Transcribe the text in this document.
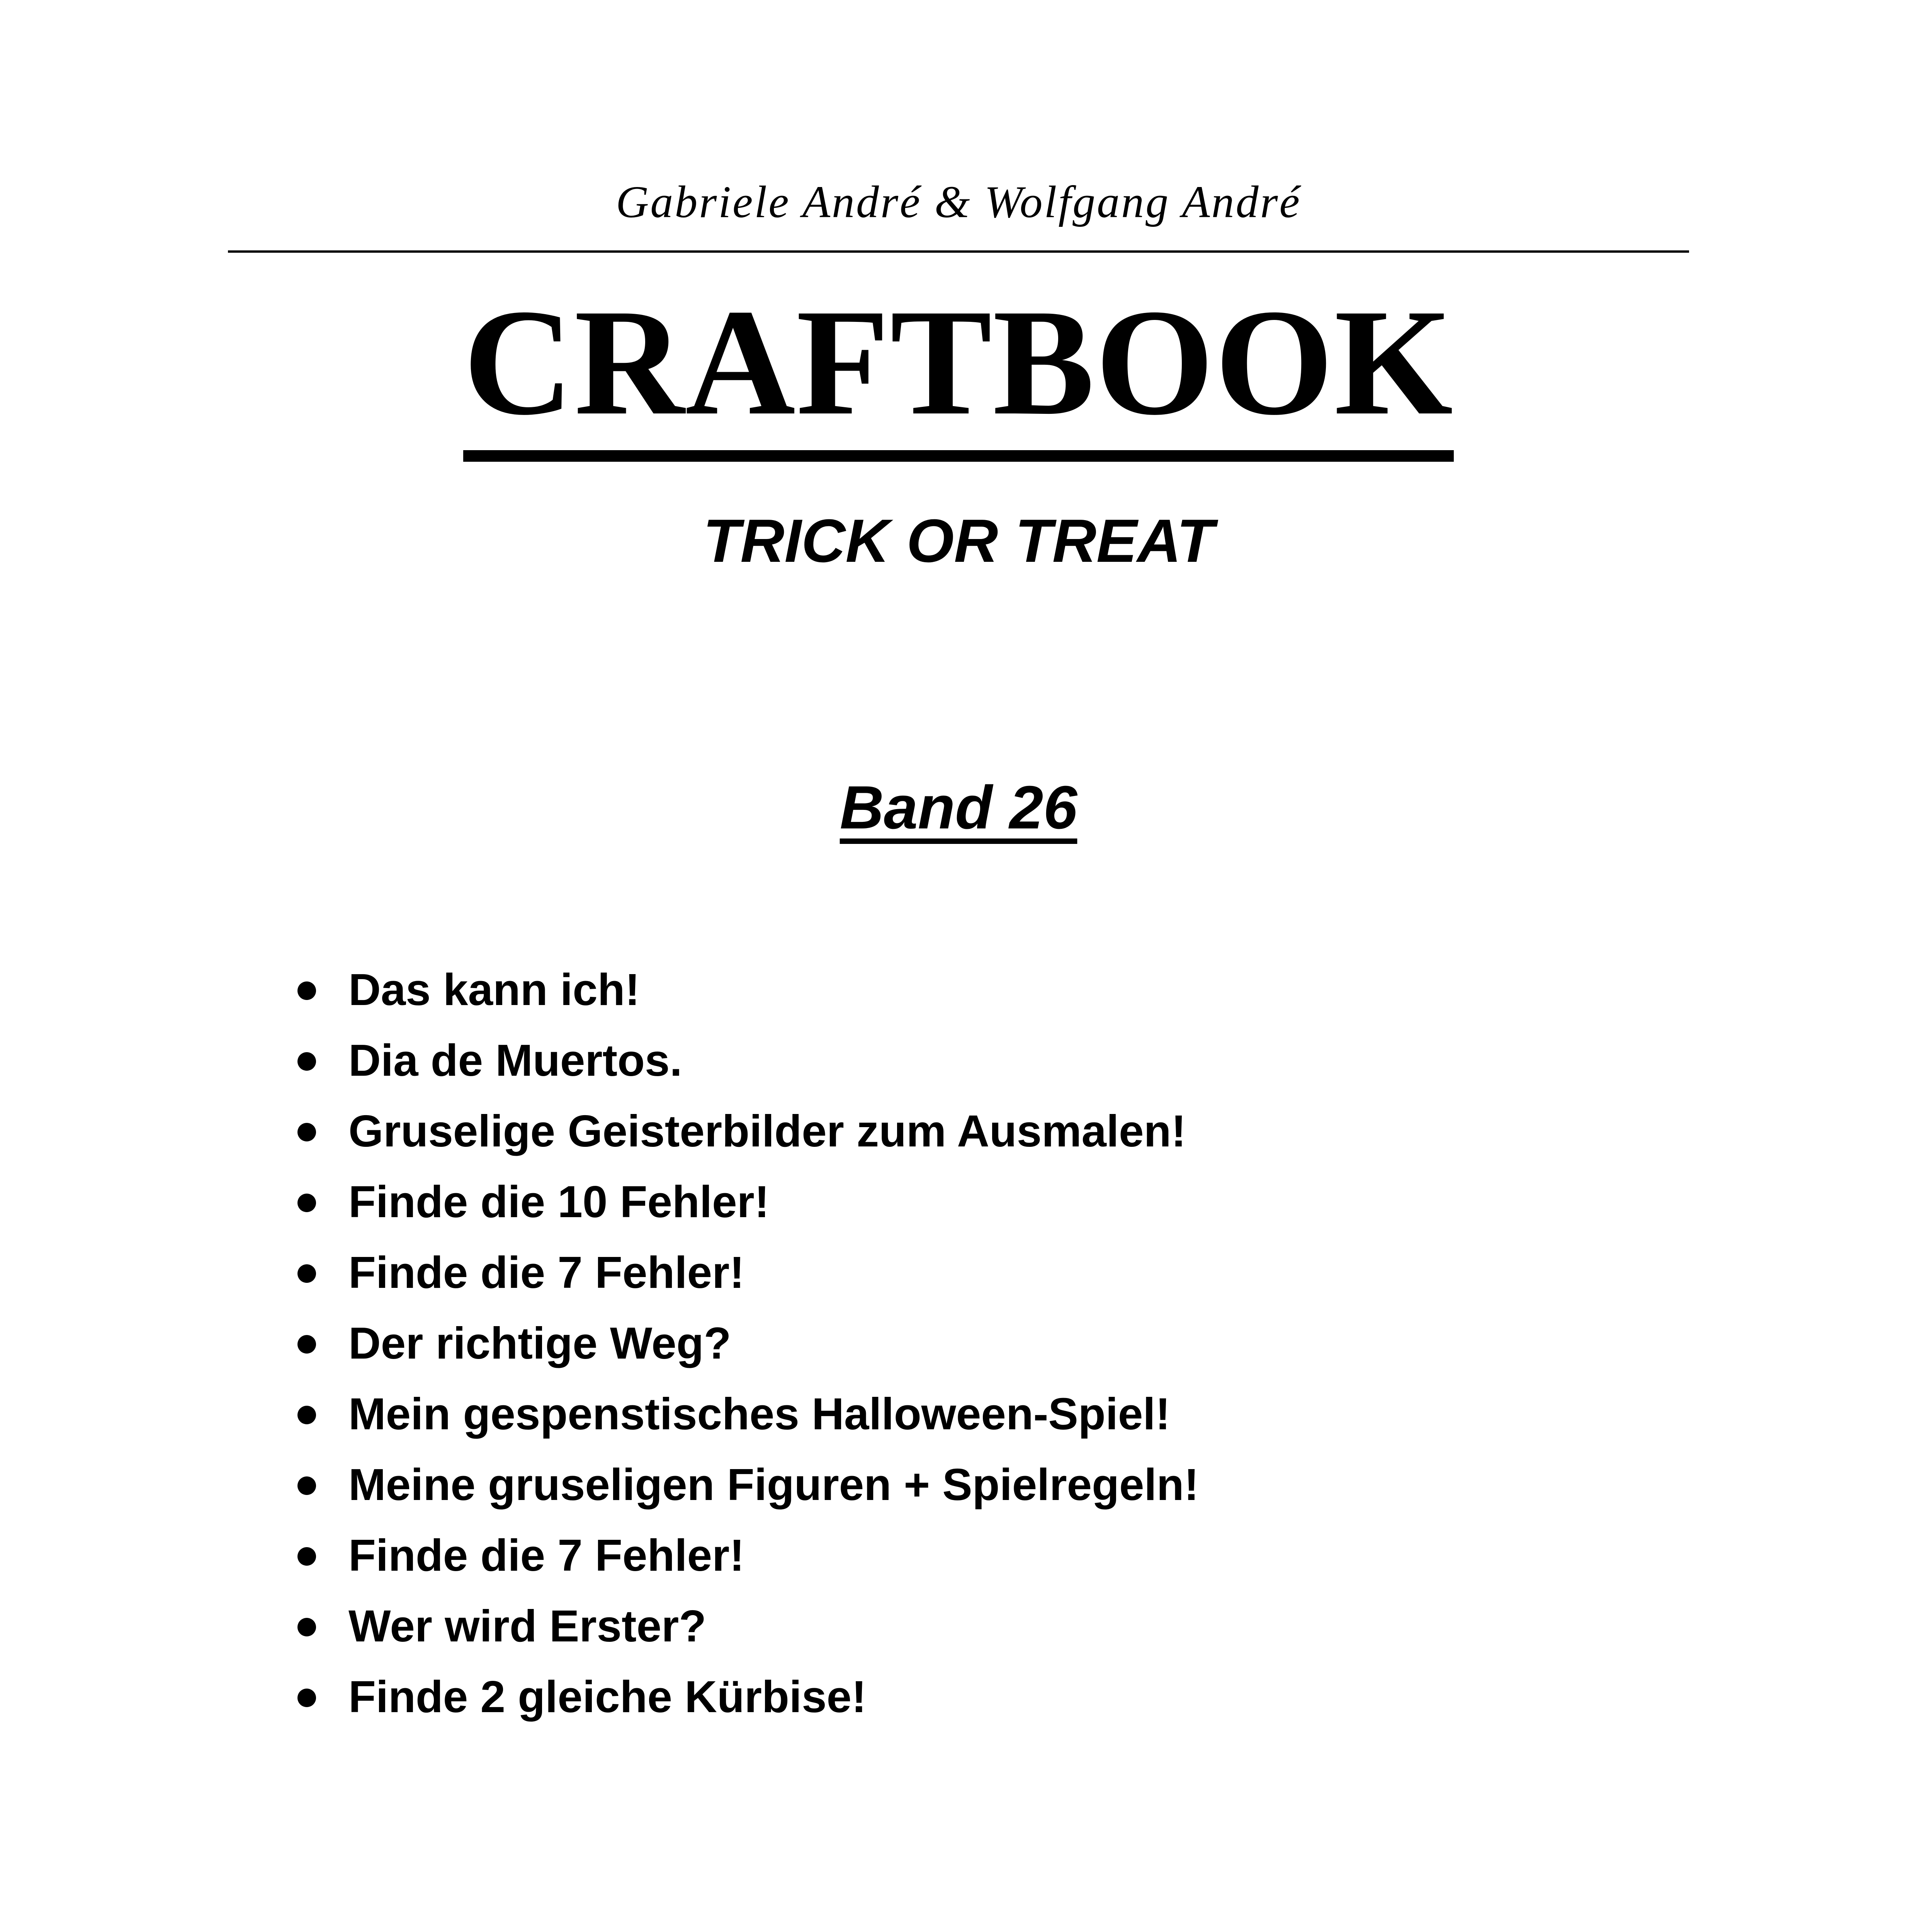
Gabriele André & Wolfgang André
CRAFTBOOK
TRICK OR TREAT
Band 26
Das kann ich!
Dia de Muertos.
Gruselige Geisterbilder zum Ausmalen!
Finde die 10 Fehler!
Finde die 7 Fehler!
Der richtige Weg?
Mein gespenstisches Halloween-Spiel!
Meine gruseligen Figuren + Spielregeln!
Finde die 7 Fehler!
Wer wird Erster?
Finde 2 gleiche Kürbise!
